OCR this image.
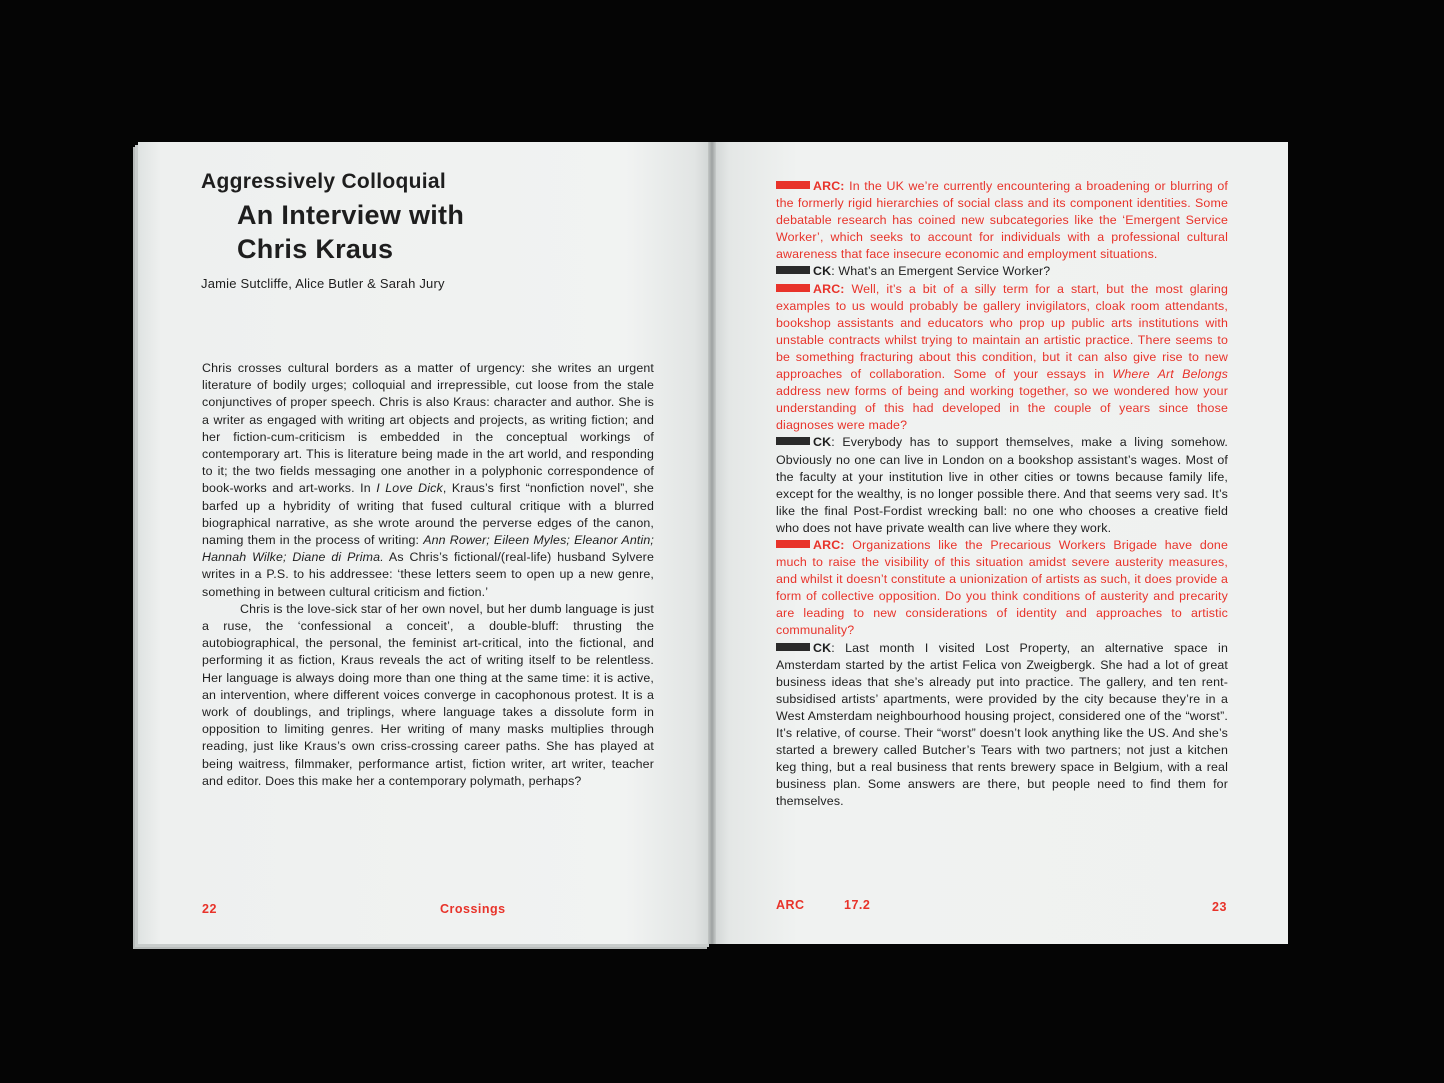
Aggressively Colloquial
An Interview with
Chris Kraus
Jamie Sutcliffe, Alice Butler & Sarah Jury

Chris crosses cultural borders as a matter of urgency: she writes an urgent literature of bodily urges; colloquial and irrepressible, cut loose from the stale conjunctives of proper speech. Chris is also Kraus: character and author. She is a writer as engaged with writing art objects and projects, as writing fiction; and her fiction-cum-criticism is embedded in the conceptual workings of contemporary art. This is literature being made in the art world, and responding to it; the two fields messaging one another in a polyphonic correspondence of book-works and art-works. In I Love Dick, Kraus’s first “nonfiction novel”, she barfed up a hybridity of writing that fused cultural critique with a blurred biographical narrative, as she wrote around the perverse edges of the canon, naming them in the process of writing: Ann Rower; Eileen Myles; Eleanor Antin; Hannah Wilke; Diane di Prima. As Chris’s fictional/(real-life) husband Sylvere writes in a P.S. to his addressee: ‘these letters seem to open up a new genre, something in between cultural criticism and fiction.’

Chris is the love-sick star of her own novel, but her dumb language is just a ruse, the ‘confessional a conceit’, a double-bluff: thrusting the autobiographical, the personal, the feminist art-critical, into the fictional, and performing it as fiction, Kraus reveals the act of writing itself to be relentless. Her language is always doing more than one thing at the same time: it is active, an intervention, where different voices converge in cacophonous protest. It is a work of doublings, and triplings, where language takes a dissolute form in opposition to limiting genres. Her writing of many masks multiplies through reading, just like Kraus’s own criss-crossing career paths. She has played at being waitress, filmmaker, performance artist, fiction writer, art writer, teacher and editor. Does this make her a contemporary polymath, perhaps?

22	Crossings

ARC: In the UK we’re currently encountering a broadening or blurring of the formerly rigid hierarchies of social class and its component identities. Some debatable research has coined new subcategories like the ‘Emergent Service Worker’, which seeks to account for individuals with a professional cultural awareness that face insecure economic and employment situations.

CK: What’s an Emergent Service Worker?

ARC: Well, it’s a bit of a silly term for a start, but the most glaring examples to us would probably be gallery invigilators, cloak room attendants, bookshop assistants and educators who prop up public arts institutions with unstable contracts whilst trying to maintain an artistic practice. There seems to be something fracturing about this condition, but it can also give rise to new approaches of collaboration. Some of your essays in Where Art Belongs address new forms of being and working together, so we wondered how your understanding of this had developed in the couple of years since those diagnoses were made?

CK: Everybody has to support themselves, make a living somehow. Obviously no one can live in London on a bookshop assistant’s wages. Most of the faculty at your institution live in other cities or towns because family life, except for the wealthy, is no longer possible there. And that seems very sad. It’s like the final Post-Fordist wrecking ball: no one who chooses a creative field who does not have private wealth can live where they work.

ARC: Organizations like the Precarious Workers Brigade have done much to raise the visibility of this situation amidst severe austerity measures, and whilst it doesn’t constitute a unionization of artists as such, it does provide a form of collective opposition. Do you think conditions of austerity and precarity are leading to new considerations of identity and approaches to artistic communality?

CK: Last month I visited Lost Property, an alternative space in Amsterdam started by the artist Felica von Zweigbergk. She had a lot of great business ideas that she’s already put into practice. The gallery, and ten rent-subsidised artists’ apartments, were provided by the city because they’re in a West Amsterdam neighbourhood housing project, considered one of the “worst”. It’s relative, of course. Their “worst” doesn’t look anything like the US. And she’s started a brewery called Butcher’s Tears with two partners; not just a kitchen keg thing, but a real business that rents brewery space in Belgium, with a real business plan. Some answers are there, but people need to find them for themselves.

ARC	17.2	23
